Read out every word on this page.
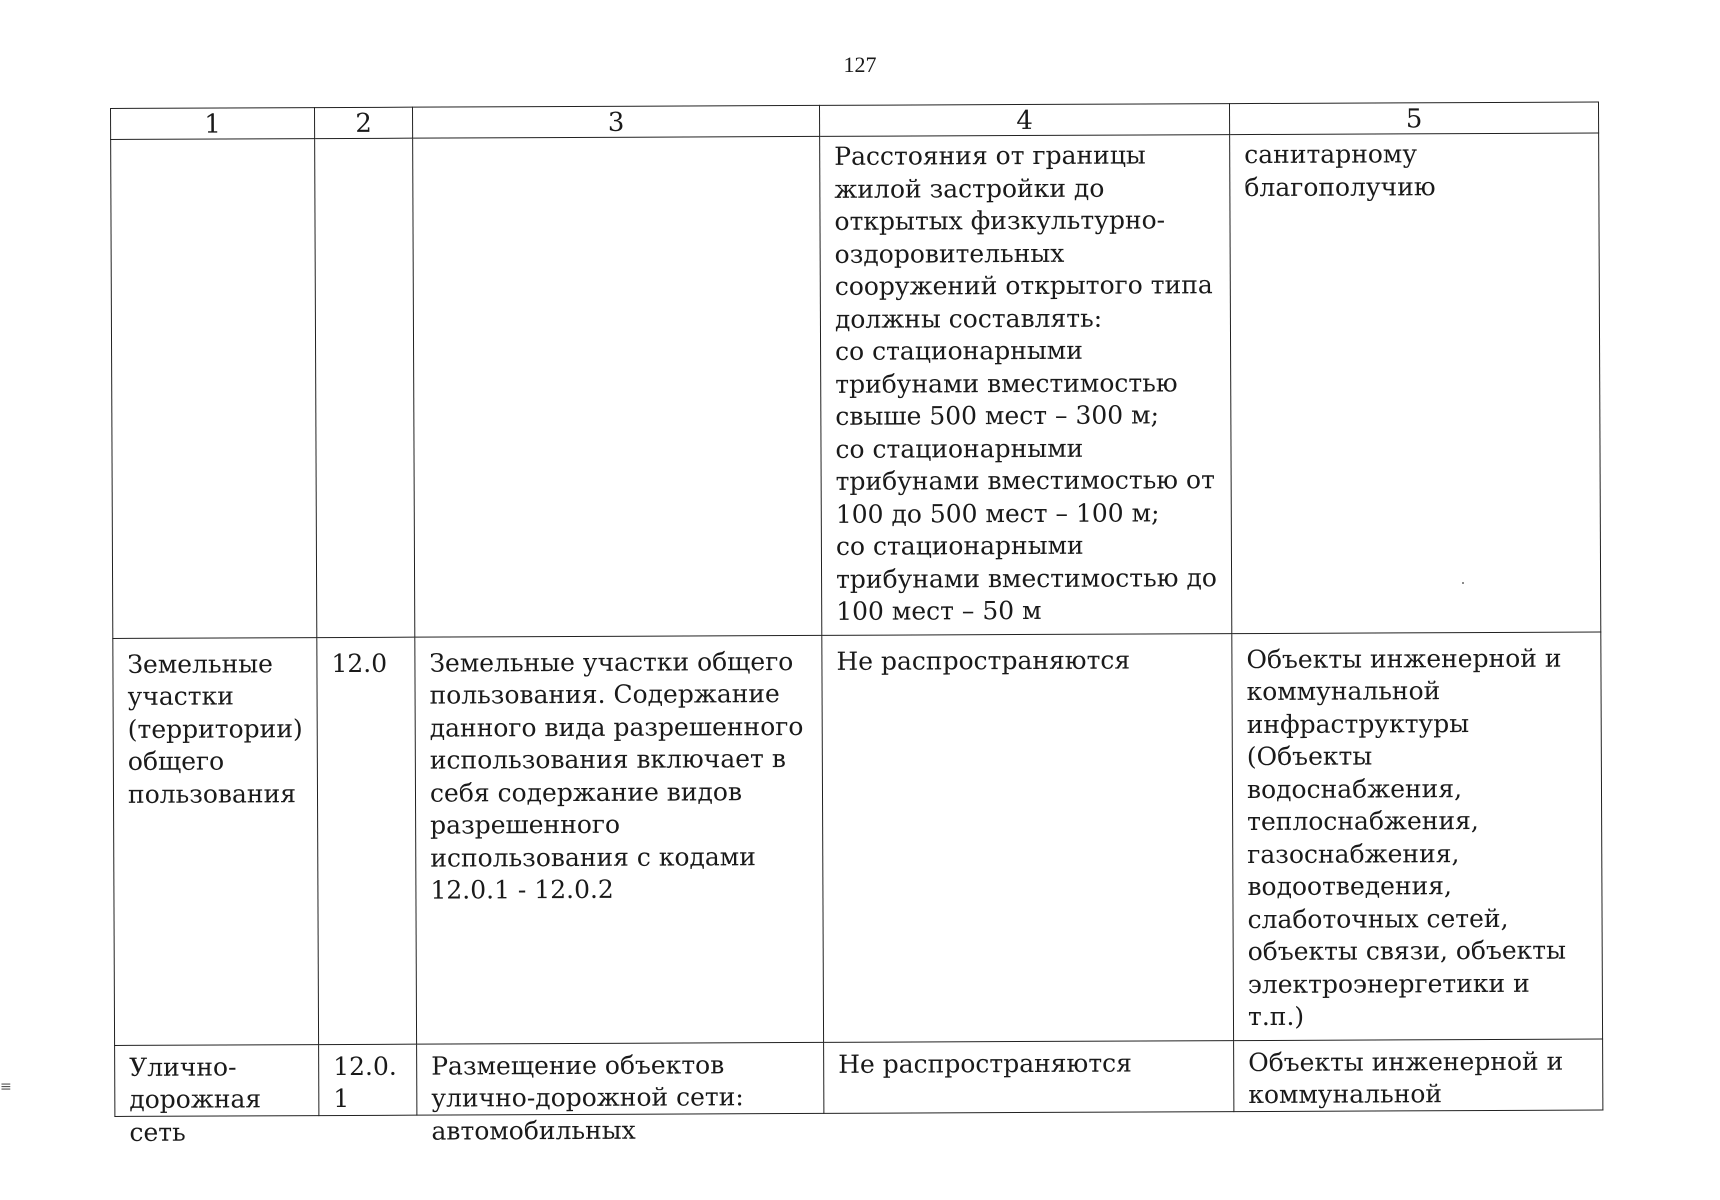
127
1	2	3	4	5
			Расстояния от границы жилой застройки до открытых физкультурно-оздоровительных сооружений открытого типа должны составлять:
со стационарными трибунами вместимостью свыше 500 мест – 300 м;
со стационарными трибунами вместимостью от 100 до 500 мест – 100 м;
со стационарными трибунами вместимостью до 100 мест – 50 м	санитарному благополучию
Земельные участки (территории) общего пользования	12.0	Земельные участки общего пользования. Содержание данного вида разрешенного использования включает в себя содержание видов разрешенного использования с кодами 12.0.1 - 12.0.2	Не распространяются	Объекты инженерной и коммунальной инфраструктуры (Объекты водоснабжения, теплоснабжения, газоснабжения, водоотведения, слаботочных сетей, объекты связи, объекты электроэнергетики и т.п.)

Улично-дорожная сеть	12.0.1	Размещение объектов улично-дорожной сети: автомобильных	Не распространяются	Объекты инженерной и коммунальной
≡
